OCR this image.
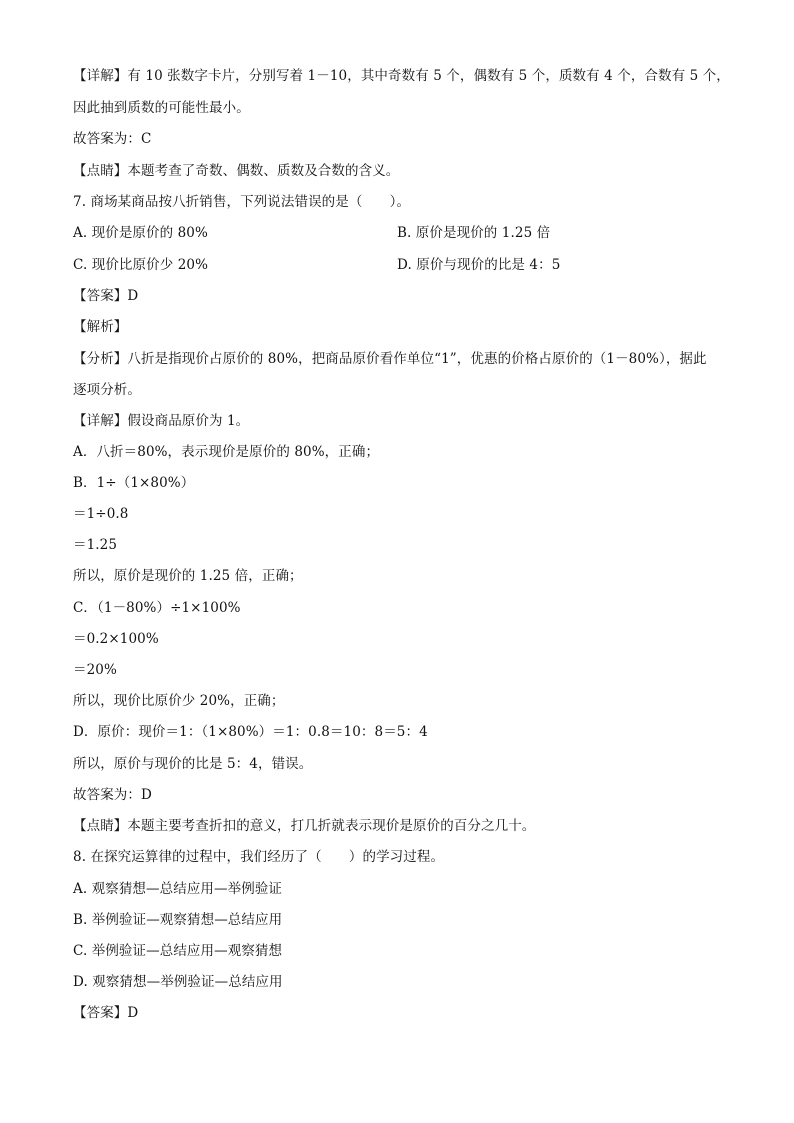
【详解】有 10 张数字卡片，分别写着 1－10，其中奇数有 5 个，偶数有 5 个，质数有 4 个，合数有 5 个，
因此抽到质数的可能性最小。
故答案为：C
【点睛】本题考查了奇数、偶数、质数及合数的含义。
7. 商场某商品按八折销售，下列说法错误的是（　　）。
A. 现价是原价的 80%	B. 原价是现价的 1.25 倍
C. 现价比原价少 20%	D. 原价与现价的比是 4：5
【答案】D
【解析】
【分析】八折是指现价占原价的 80%，把商品原价看作单位“1”，优惠的价格占原价的（1－80%），据此
逐项分析。
【详解】假设商品原价为 1。
A．八折＝80%，表示现价是原价的 80%，正确；
B．1÷（1×80%）
＝1÷0.8
＝1.25
所以，原价是现价的 1.25 倍，正确；
C．（1－80%）÷1×100%
＝0.2×100%
＝20%
所以，现价比原价少 20%，正确；
D．原价：现价＝1：（1×80%）＝1：0.8＝10：8＝5：4
所以，原价与现价的比是 5：4，错误。
故答案为：D
【点睛】本题主要考查折扣的意义，打几折就表示现价是原价的百分之几十。
8. 在探究运算律的过程中，我们经历了（　　）的学习过程。
A. 观察猜想—总结应用—举例验证
B. 举例验证—观察猜想—总结应用
C. 举例验证—总结应用—观察猜想
D. 观察猜想—举例验证—总结应用
【答案】D
